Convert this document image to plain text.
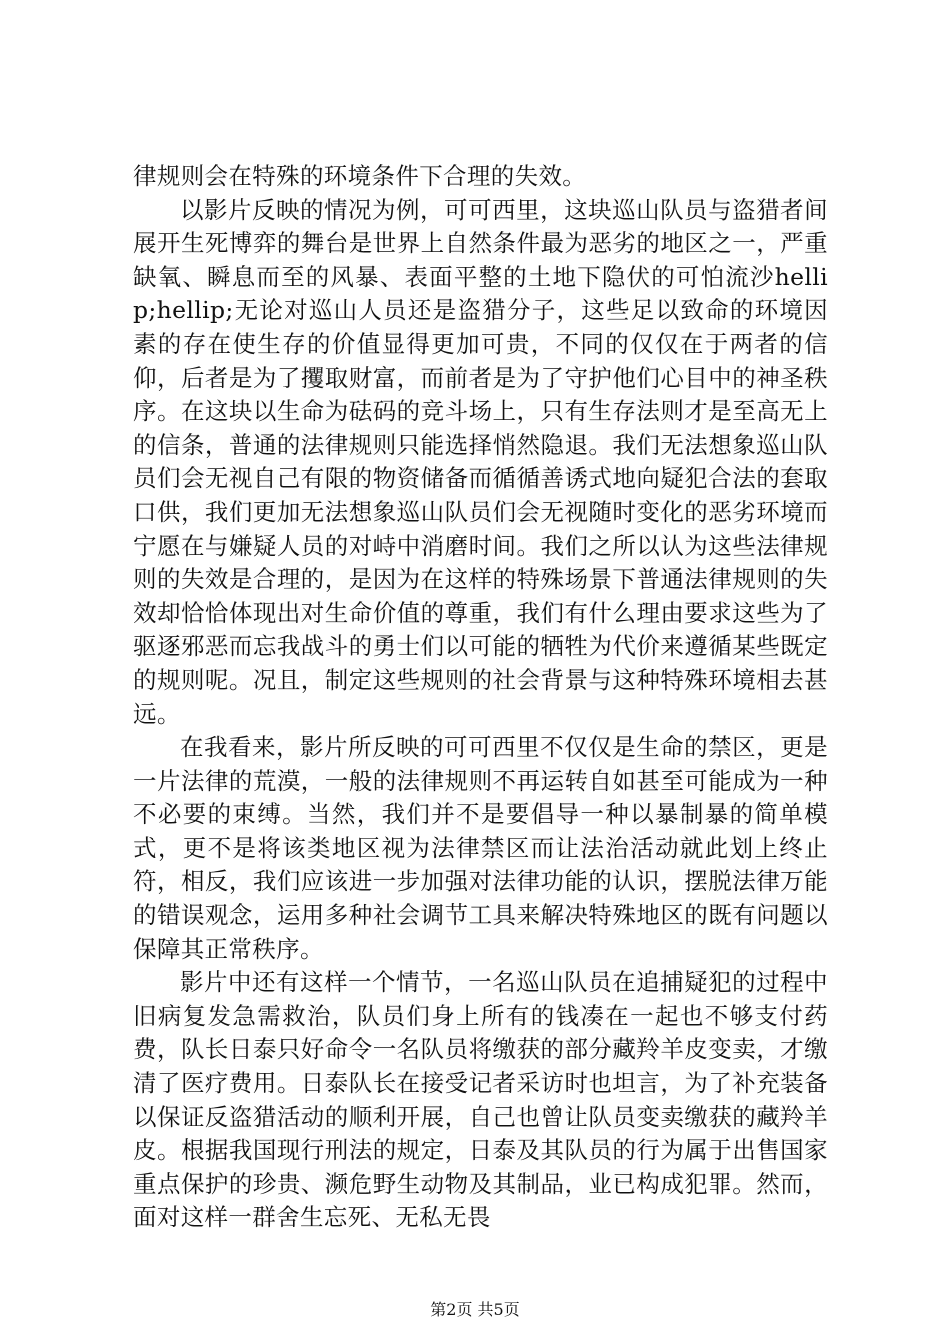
律规则会在特殊的环境条件下合理的失效。

以影片反映的情况为例，可可西里，这块巡山队员与盗猎者间展开生死博弈的舞台是世界上自然条件最为恶劣的地区之一，严重缺氧、瞬息而至的风暴、表面平整的土地下隐伏的可怕流沙hellip;hellip;无论对巡山人员还是盗猎分子，这些足以致命的环境因素的存在使生存的价值显得更加可贵，不同的仅仅在于两者的信仰，后者是为了攫取财富，而前者是为了守护他们心目中的神圣秩序。在这块以生命为砝码的竞斗场上，只有生存法则才是至高无上的信条，普通的法律规则只能选择悄然隐退。我们无法想象巡山队员们会无视自己有限的物资储备而循循善诱式地向疑犯合法的套取口供，我们更加无法想象巡山队员们会无视随时变化的恶劣环境而宁愿在与嫌疑人员的对峙中消磨时间。我们之所以认为这些法律规则的失效是合理的，是因为在这样的特殊场景下普通法律规则的失效却恰恰体现出对生命价值的尊重，我们有什么理由要求这些为了驱逐邪恶而忘我战斗的勇士们以可能的牺牲为代价来遵循某些既定的规则呢。况且，制定这些规则的社会背景与这种特殊环境相去甚远。

在我看来，影片所反映的可可西里不仅仅是生命的禁区，更是一片法律的荒漠，一般的法律规则不再运转自如甚至可能成为一种不必要的束缚。当然，我们并不是要倡导一种以暴制暴的简单模式，更不是将该类地区视为法律禁区而让法治活动就此划上终止符，相反，我们应该进一步加强对法律功能的认识，摆脱法律万能的错误观念，运用多种社会调节工具来解决特殊地区的既有问题以保障其正常秩序。

影片中还有这样一个情节，一名巡山队员在追捕疑犯的过程中旧病复发急需救治，队员们身上所有的钱凑在一起也不够支付药费，队长日泰只好命令一名队员将缴获的部分藏羚羊皮变卖，才缴清了医疗费用。日泰队长在接受记者采访时也坦言，为了补充装备以保证反盗猎活动的顺利开展，自己也曾让队员变卖缴获的藏羚羊皮。根据我国现行刑法的规定，日泰及其队员的行为属于出售国家重点保护的珍贵、濒危野生动物及其制品，业已构成犯罪。然而，面对这样一群舍生忘死、无私无畏

第2页 共5页
